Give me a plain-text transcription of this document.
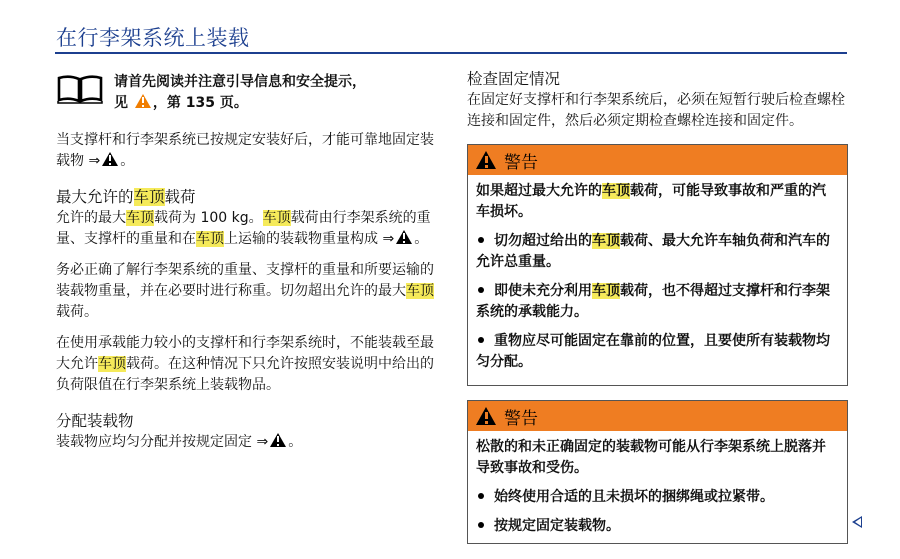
在行李架系统上装载
请首先阅读并注意引导信息和安全提示，
见 ，第 135 页。

当支撑杆和行李架系统已按规定安装好后，才能可靠地固定装载物 ⇒ 。

最大允许的车顶载荷

允许的最大车顶载荷为 100 kg。车顶载荷由行李架系统的重量、支撑杆的重量和在车顶上运输的装载物重量构成 ⇒ 。

务必正确了解行李架系统的重量、支撑杆的重量和所要运输的装载物重量，并在必要时进行称重。切勿超出允许的最大车顶载荷。

在使用承载能力较小的支撑杆和行李架系统时，不能装载至最大允许车顶载荷。在这种情况下只允许按照安装说明中给出的负荷限值在行李架系统上装载物品。

分配装载物

装载物应均匀分配并按规定固定 ⇒ 。

检查固定情况

在固定好支撑杆和行李架系统后，必须在短暂行驶后检查螺栓连接和固定件，然后必须定期检查螺栓连接和固定件。

警告
如果超过最大允许的车顶载荷，可能导致事故和严重的汽车损坏。
切勿超过给出的车顶载荷、最大允许车轴负荷和汽车的允许总重量。
即使未充分利用车顶载荷，也不得超过支撑杆和行李架系统的承载能力。
重物应尽可能固定在靠前的位置，且要使所有装载物均匀分配。
警告
松散的和未正确固定的装载物可能从行李架系统上脱落并导致事故和受伤。
始终使用合适的且未损坏的捆绑绳或拉紧带。
按规定固定装载物。
